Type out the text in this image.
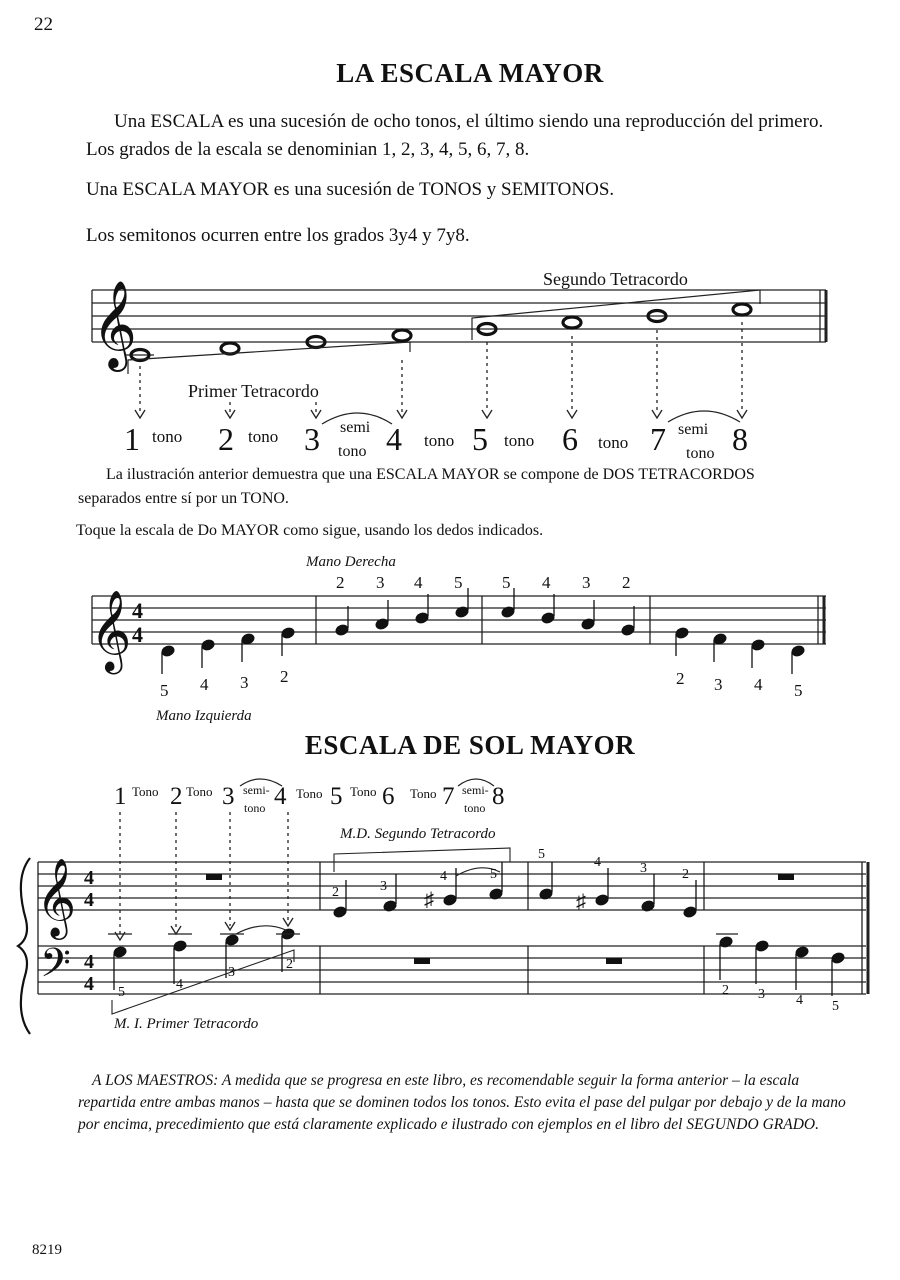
22
LA ESCALA MAYOR
Una ESCALA es una sucesión de ocho tonos, el último siendo una reproducción del primero. Los grados de la escala se denominian 1, 2, 3, 4, 5, 6, 7, 8.
Una ESCALA MAYOR es una sucesión de TONOS y SEMITONOS.
Los semitonos ocurren entre los grados 3y4 y 7y8.
𝄞
Segundo Tetracordo
Primer Tetracordo
1 tono 2 tono 3 semi
tono 4 tono 5 tono 6 tono 7 semi
tono 8
La ilustración anterior demuestra que una ESCALA MAYOR se compone de DOS TETRACORDOS separados entre sí por un TONO.
Toque la escala de Do MAYOR como sigue, usando los dedos indicados.
Mano Derecha
𝄞 4
4
5 4 3 2
2 3 4 5 5 4 3 2
2 3 4 5
Mano Izquierda
ESCALA DE SOL MAYOR
1 Tono 2 Tono 3 semi-
tono 4 Tono 5 Tono 6 Tono 7 semi-
tono 8
M.D. Segundo Tetracordo
𝄞
𝄢
4
4
4
4 5
4
3
2
♯
2	3
4	5
♯
5
4	3	2
2 3 4 5
M. I. Primer Tetracordo
A LOS MAESTROS: A medida que se progresa en este libro, es recomendable seguir la forma anterior – la escala repartida entre ambas manos – hasta que se dominen todos los tonos. Esto evita el pase del pulgar por debajo y de la mano por encima, precedimiento que está claramente explicado e ilustrado con ejemplos en el libro del SEGUNDO GRADO.
8219
